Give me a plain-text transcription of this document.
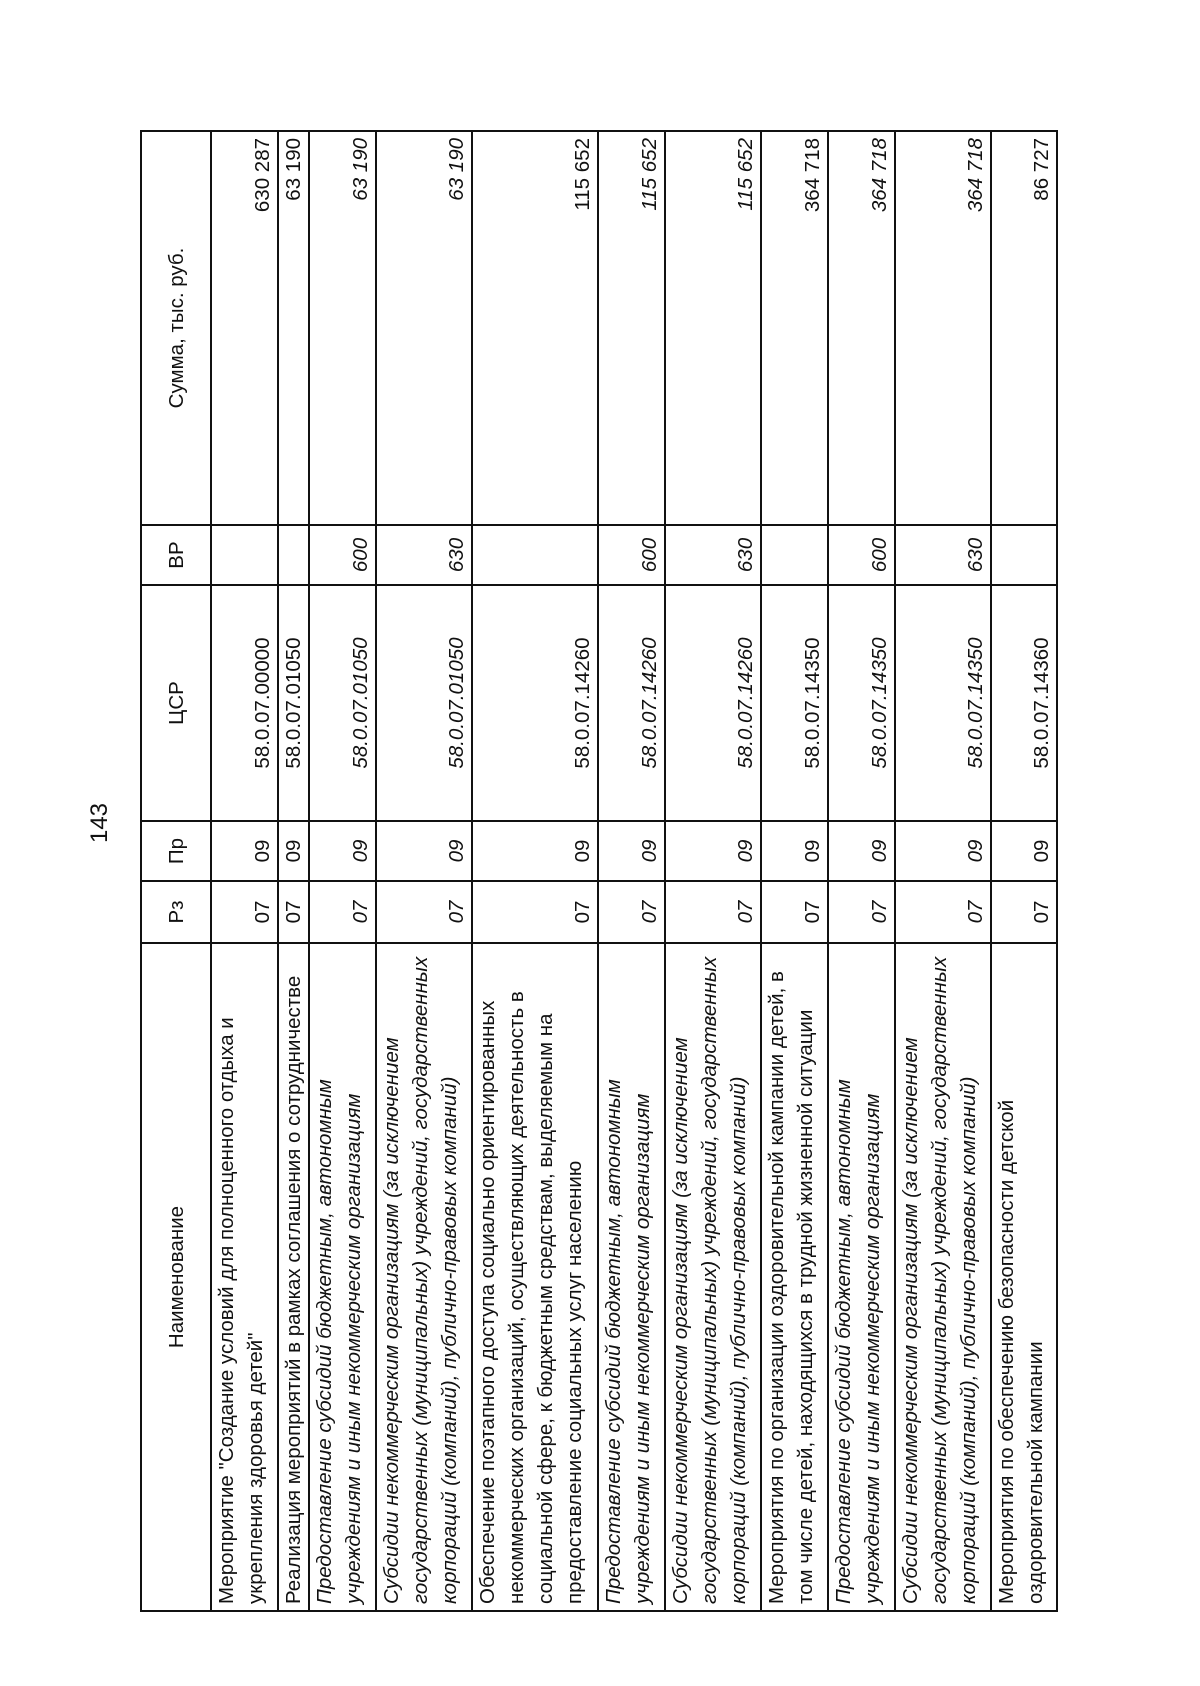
143
Наименование	Рз	Пр	ЦСР	ВР	Сумма, тыс. руб.
Мероприятие "Создание условий для полноценного отдыха и укрепления здоровья детей"	07	09	58.0.07.00000		630 287
Реализация мероприятий в рамках соглашения о сотрудничестве	07	09	58.0.07.01050		63 190
Предоставление субсидий бюджетным, автономным учреждениям и иным некоммерческим организациям	07	09	58.0.07.01050	600	63 190
Субсидии некоммерческим организациям (за исключением государственных (муниципальных) учреждений, государственных корпораций (компаний), публично-правовых компаний)	07	09	58.0.07.01050	630	63 190
Обеспечение поэтапного доступа социально ориентированных некоммерческих организаций, осуществляющих деятельность в социальной сфере, к бюджетным средствам, выделяемым на предоставление социальных услуг населению	07	09	58.0.07.14260		115 652
Предоставление субсидий бюджетным, автономным учреждениям и иным некоммерческим организациям	07	09	58.0.07.14260	600	115 652
Субсидии некоммерческим организациям (за исключением государственных (муниципальных) учреждений, государственных корпораций (компаний), публично-правовых компаний)	07	09	58.0.07.14260	630	115 652
Мероприятия по организации оздоровительной кампании детей, в том числе детей, находящихся в трудной жизненной ситуации	07	09	58.0.07.14350		364 718
Предоставление субсидий бюджетным, автономным учреждениям и иным некоммерческим организациям	07	09	58.0.07.14350	600	364 718
Субсидии некоммерческим организациям (за исключением государственных (муниципальных) учреждений, государственных корпораций (компаний), публично-правовых компаний)	07	09	58.0.07.14350	630	364 718
Мероприятия по обеспечению безопасности детской оздоровительной кампании	07	09	58.0.07.14360		86 727
